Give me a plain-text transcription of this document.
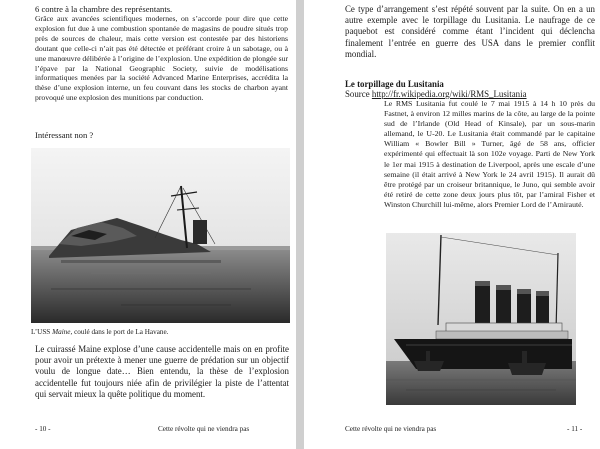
6 contre à la chambre des représentants.

Grâce aux avancées scientifiques modernes, on s’accorde pour dire que cette explosion fut due à une combustion spontanée de magasins de poudre situés trop près de sources de chaleur, mais cette version est contestée par des historiens doutant que celle-ci n’ait pas été détectée et préférant croire à un sabotage, ou à une manœuvre délibérée à l’origine de l’explosion. Une expédition de plongée sur l’épave par la National Geographic Society, suivie de modélisations informatiques menées par la société Advanced Marine Enterprises, accrédita la thèse d’une explosion interne, un feu couvant dans les stocks de charbon ayant provoqué une explosion des munitions par conduction.

Intéressant non ?

L’USS Maine, coulé dans le port de La Havane.

Le cuirassé Maine explose d’une cause accidentelle mais on en profite pour avoir un prétexte à mener une guerre de prédation sur un objectif voulu de longue date… Bien entendu, la thèse de l’explosion accidentelle fut toujours niée afin de privilégier la piste de l’attentat qui servait mieux la quête politique du moment.

- 10 -	Cette révolte qui ne viendra pas

Ce type d’arrangement s’est répété souvent par la suite. On en a un autre exemple avec le torpillage du Lusitania. Le naufrage de ce paquebot est considéré comme étant l’incident qui déclencha finalement l’entrée en guerre des USA dans le premier conflit mondial.

Le torpillage du Lusitania

Source http://fr.wikipedia.org/wiki/RMS_Lusitania

Le RMS Lusitania fut coulé le 7 mai 1915 à 14 h 10 près du Fastnet, à environ 12 milles marins de la côte, au large de la pointe sud de l’Irlande (Old Head of Kinsale), par un sous-marin allemand, le U-20. Le Lusitania était commandé par le capitaine William « Bowler Bill » Turner, âgé de 58 ans, officier expérimenté qui effectuait là son 102e voyage. Parti de New York le 1er mai 1915 à destination de Liverpool, après une escale d’une semaine (il était arrivé à New York le 24 avril 1915). Il aurait dû être protégé par un croiseur britannique, le Juno, qui semble avoir été retiré de cette zone deux jours plus tôt, par l’amiral Fisher et Winston Churchill lui-même, alors Premier Lord de l’Amirauté.

Cette révolte qui ne viendra pas	- 11 -
